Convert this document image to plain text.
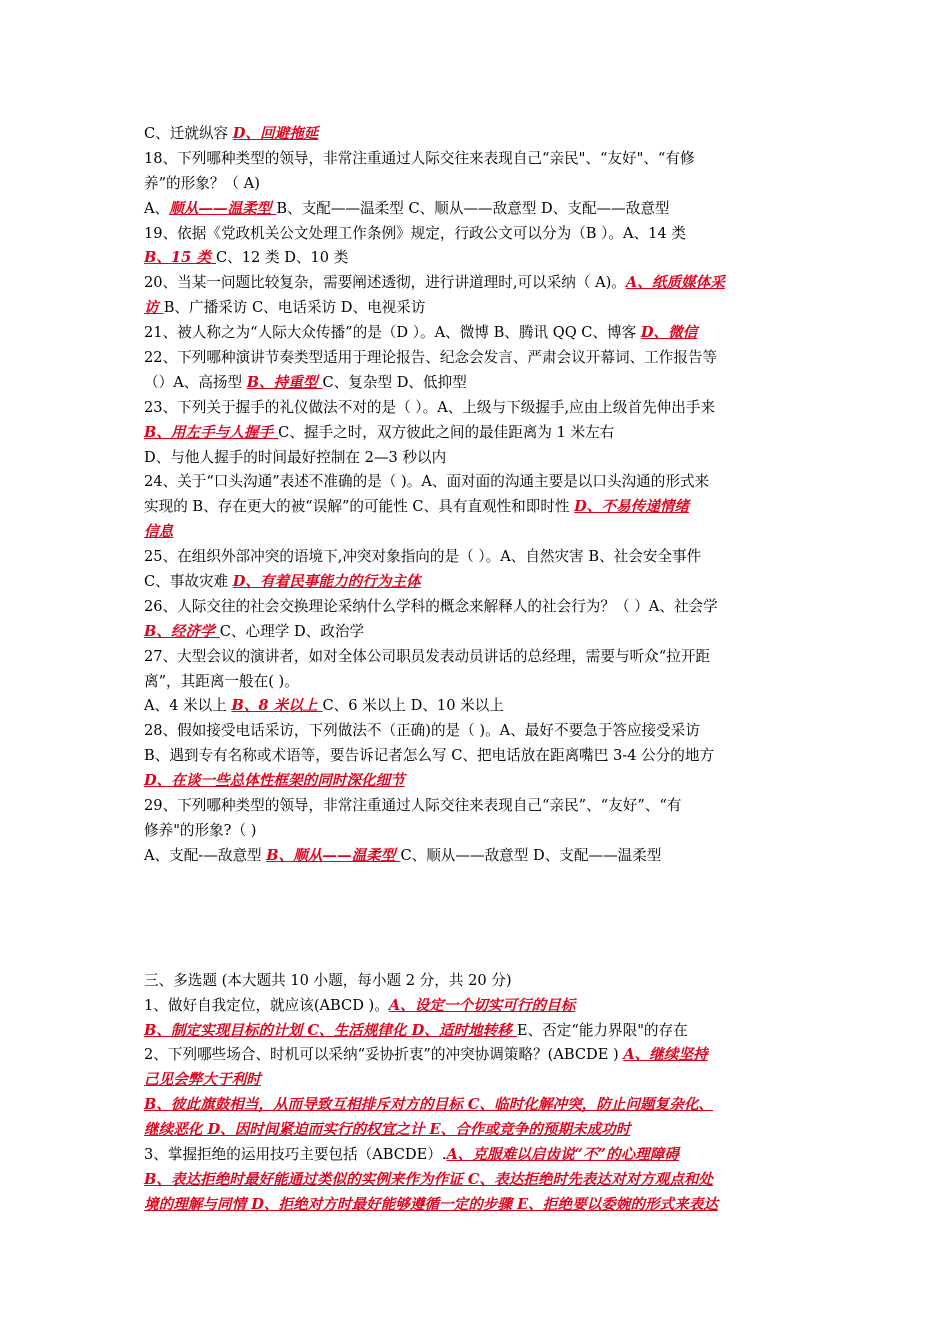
C、迁就纵容 D、回避拖延
18、下列哪种类型的领导，非常注重通过人际交往来表现自己“亲民"、“友好"、“有修
养”的形象？（ A)
A、顺从——温柔型 B、支配——温柔型 C、顺从——敌意型 D、支配——敌意型
19、依据《党政机关公文处理工作条例》规定，行政公文可以分为（B ）。A、14 类
B、15 类 C、12 类 D、10 类
20、当某一问题比较复杂，需要阐述透彻，进行讲道理时,可以采纳（ A)。A、纸质媒体采
访 B、广播采访 C、电话采访 D、电视采访
21、被人称之为“人际大众传播”的是（D ）。A、微博 B、腾讯 QQ C、博客 D、微信
22、下列哪种演讲节奏类型适用于理论报告、纪念会发言、严肃会议开幕词、工作报告等
（）A、高扬型 B、持重型 C、复杂型 D、低抑型
23、下列关于握手的礼仪做法不对的是（ ）。A、上级与下级握手,应由上级首先伸出手来
B、用左手与人握手 C、握手之时，双方彼此之间的最佳距离为 1 米左右
D、与他人握手的时间最好控制在 2—3 秒以内
24、关于“口头沟通”表述不准确的是（ )。A、面对面的沟通主要是以口头沟通的形式来
实现的 B、存在更大的被“误解”的可能性 C、具有直观性和即时性 D、不易传递情绪
信息
25、在组织外部冲突的语境下,冲突对象指向的是（ ）。A、自然灾害 B、社会安全事件
C、事故灾难 D、有着民事能力的行为主体
26、人际交往的社会交换理论采纳什么学科的概念来解释人的社会行为？（ ）A、社会学
B、经济学 C、心理学 D、政治学
27、大型会议的演讲者，如对全体公司职员发表动员讲话的总经理，需要与听众“拉开距
离”，其距离一般在( )。
A、4 米以上 B、8 米以上 C、6 米以上 D、10 米以上
28、假如接受电话采访，下列做法不（正确)的是（ )。A、最好不要急于答应接受采访
B、遇到专有名称或术语等，要告诉记者怎么写 C、把电话放在距离嘴巴 3-4 公分的地方
D、在谈一些总体性框架的同时深化细节
29、下列哪种类型的领导，非常注重通过人际交往来表现自己“亲民”、“友好”、“有
修养"的形象?（ )
A、支配-—敌意型 B、顺从——温柔型 C、顺从——敌意型 D、支配——温柔型
三、多选题 (本大题共 10 小题，每小题 2 分，共 20 分)
1、做好自我定位，就应该(ABCD )。A、设定一个切实可行的目标
B、制定实现目标的计划 C、生活规律化 D、适时地转移 E、否定“能力界限"的存在
2、下列哪些场合、时机可以采纳“妥协折衷”的冲突协调策略？(ABCDE ) A、继续坚持
己见会弊大于利时
B、彼此旗鼓相当，从而导致互相排斥对方的目标 C、临时化解冲突，防止问题复杂化、
继续恶化 D、因时间紧迫而实行的权宜之计 E、合作或竞争的预期未成功时
3、掌握拒绝的运用技巧主要包括（ABCDE）.A、克服难以启齿说“不”的心理障碍
B、表达拒绝时最好能通过类似的实例来作为作证 C、表达拒绝时先表达对对方观点和处
境的理解与同情 D、拒绝对方时最好能够遵循一定的步骤 E、拒绝要以委婉的形式来表达
